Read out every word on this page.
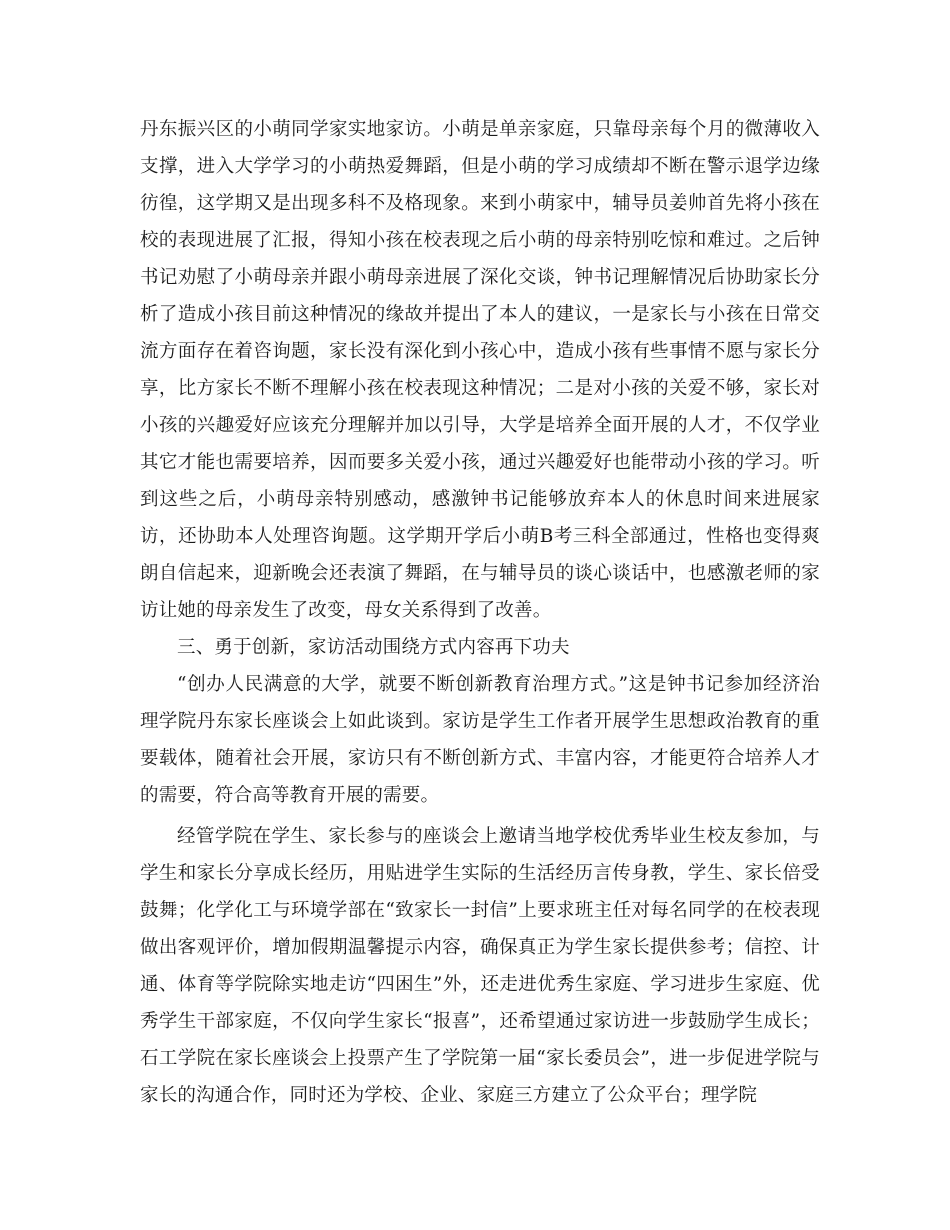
丹东振兴区的小萌同学家实地家访。小萌是单亲家庭，只靠母亲每个月的微薄收入支撑，进入大学学习的小萌热爱舞蹈，但是小萌的学习成绩却不断在警示退学边缘彷徨，这学期又是出现多科不及格现象。来到小萌家中，辅导员姜帅首先将小孩在校的表现进展了汇报，得知小孩在校表现之后小萌的母亲特别吃惊和难过。之后钟书记劝慰了小萌母亲并跟小萌母亲进展了深化交谈，钟书记理解情况后协助家长分析了造成小孩目前这种情况的缘故并提出了本人的建议，一是家长与小孩在日常交流方面存在着咨询题，家长没有深化到小孩心中，造成小孩有些事情不愿与家长分享，比方家长不断不理解小孩在校表现这种情况；二是对小孩的关爱不够，家长对小孩的兴趣爱好应该充分理解并加以引导，大学是培养全面开展的人才，不仅学业其它才能也需要培养，因而要多关爱小孩，通过兴趣爱好也能带动小孩的学习。听到这些之后，小萌母亲特别感动，感激钟书记能够放弃本人的休息时间来进展家访，还协助本人处理咨询题。这学期开学后小萌B考三科全部通过，性格也变得爽朗自信起来，迎新晚会还表演了舞蹈，在与辅导员的谈心谈话中，也感激老师的家访让她的母亲发生了改变，母女关系得到了改善。

三、勇于创新，家访活动围绕方式内容再下功夫

“创办人民满意的大学，就要不断创新教育治理方式。”这是钟书记参加经济治理学院丹东家长座谈会上如此谈到。家访是学生工作者开展学生思想政治教育的重要载体，随着社会开展，家访只有不断创新方式、丰富内容，才能更符合培养人才的需要，符合高等教育开展的需要。

经管学院在学生、家长参与的座谈会上邀请当地学校优秀毕业生校友参加，与学生和家长分享成长经历，用贴进学生实际的生活经历言传身教，学生、家长倍受鼓舞；化学化工与环境学部在“致家长一封信”上要求班主任对每名同学的在校表现做出客观评价，增加假期温馨提示内容，确保真正为学生家长提供参考；信控、计通、体育等学院除实地走访“四困生”外，还走进优秀生家庭、学习进步生家庭、优秀学生干部家庭，不仅向学生家长“报喜”，还希望通过家访进一步鼓励学生成长；石工学院在家长座谈会上投票产生了学院第一届“家长委员会”，进一步促进学院与家长的沟通合作，同时还为学校、企业、家庭三方建立了公众平台；理学院
